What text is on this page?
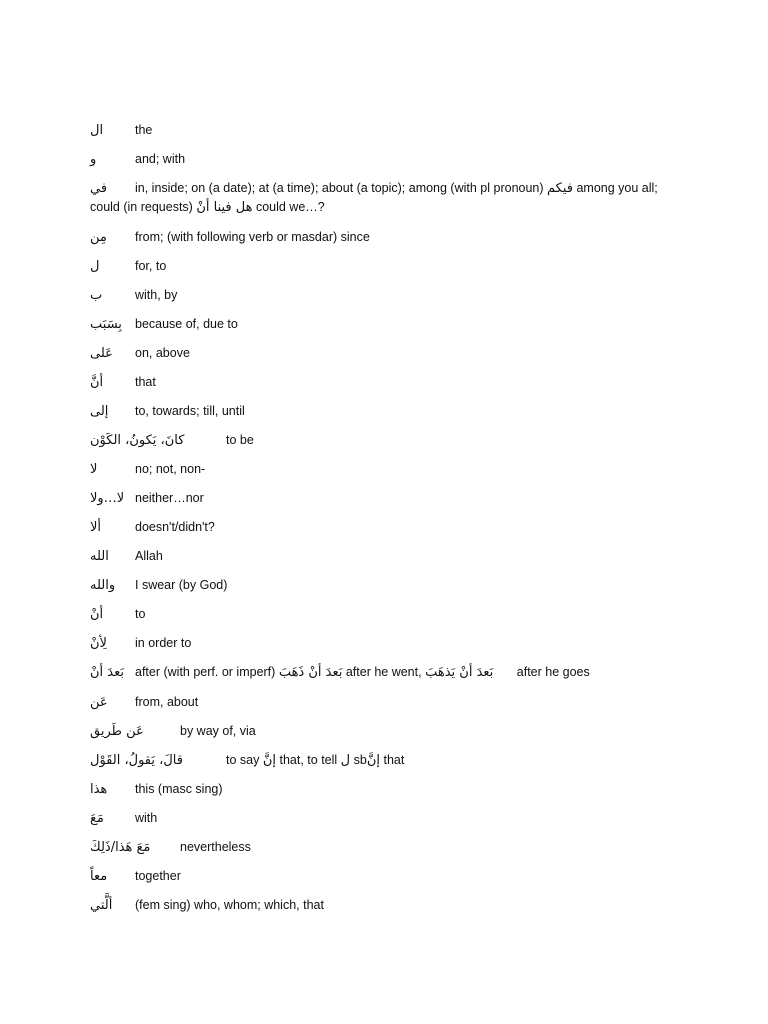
ال	the
و	and; with
في in, inside; on (a date); at (a time); about (a topic); among (with pl pronoun) فيكم among you all; could (in requests) هل فينا أنْ could we…?
مِن from; (with following verb or masdar) since
ل	for, to
ب	with, by
بِسَبَب because of, due to
عَلى on, above
أنَّ	that
إلى to, towards; till, until
كانَ، يَكونُ، الكَوْن	to be
لا	no; not, non-
لا…ولا neither…nor
ألا	doesn't/didn't?
الله Allah
والله I swear (by God)
أنْ	to
لِأنْ in order to
بَعدَ أنْ after (with perf. or imperf) بَعدَ أنْ ذَهَبَ after he went, بَعدَ أنْ يَذهَبَ after he goes
عَن from, about
عَن طَريق	by way of, via
قالَ، يَقولُ، القَوْل	to say إنَّ that, to tell ل sbإنَّ that
هذا this (masc sing)
مَعَ with
مَعَ هَذا/ذَلِكَ nevertheless
معاً together
ألَّتي (fem sing) who, whom; which, that
